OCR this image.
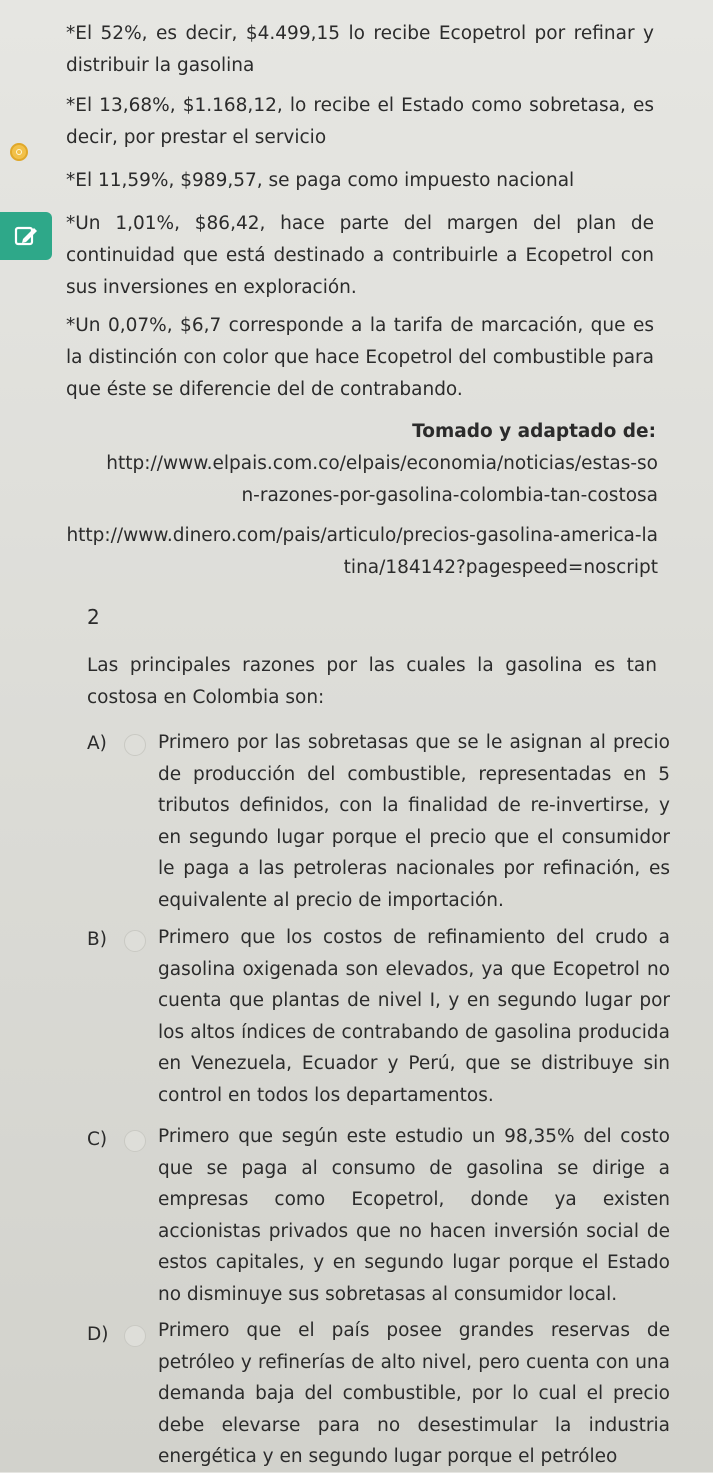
*El 52%, es decir, $4.499,15 lo recibe Ecopetrol por refinar y distribuir la gasolina

*El 13,68%, $1.168,12, lo recibe el Estado como sobretasa, es decir, por prestar el servicio

*El 11,59%, $989,57, se paga como impuesto nacional

*Un 1,01%, $86,42, hace parte del margen del plan de continuidad que está destinado a contribuirle a Ecopetrol con sus inversiones en exploración.

*Un 0,07%, $6,7 corresponde a la tarifa de marcación, que es la distinción con color que hace Ecopetrol del combustible para que éste se diferencie del de contrabando.

Tomado y adaptado de:

http://www.elpais.com.co/elpais/economia/noticias/estas-son-razones-por-gasolina-colombia-tan-costosa

http://www.dinero.com/pais/articulo/precios-gasolina-america-latina/184142?pagespeed=noscript

2

Las principales razones por las cuales la gasolina es tan costosa en Colombia son:

A)	Primero por las sobretasas que se le asignan al precio de producción del combustible, representadas en 5 tributos definidos, con la finalidad de re-invertirse, y en segundo lugar porque el precio que el consumidor le paga a las petroleras nacionales por refinación, es equivalente al precio de importación.

B)	Primero que los costos de refinamiento del crudo a gasolina oxigenada son elevados, ya que Ecopetrol no cuenta que plantas de nivel I, y en segundo lugar por los altos índices de contrabando de gasolina producida en Venezuela, Ecuador y Perú, que se distribuye sin control en todos los departamentos.

C)	Primero que según este estudio un 98,35% del costo que se paga al consumo de gasolina se dirige a empresas como Ecopetrol, donde ya existen accionistas privados que no hacen inversión social de estos capitales, y en segundo lugar porque el Estado no disminuye sus sobretasas al consumidor local.

D)	Primero que el país posee grandes reservas de petróleo y refinerías de alto nivel, pero cuenta con una demanda baja del combustible, por lo cual el precio debe elevarse para no desestimular la industria energética y en segundo lugar porque el petróleo
